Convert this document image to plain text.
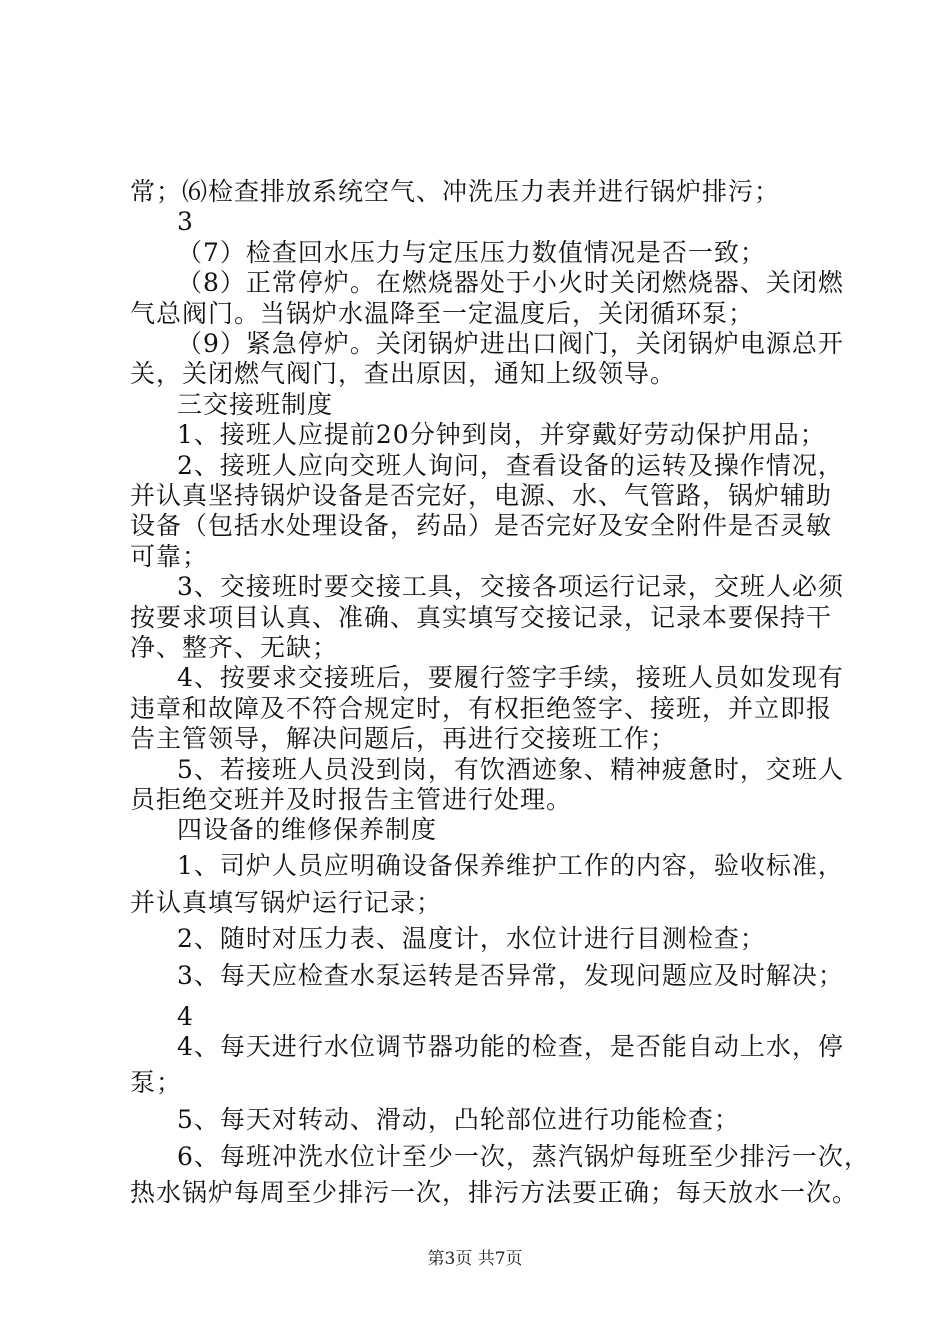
常；⑹检查排放系统空气、冲洗压力表并进行锅炉排污；
3
（7）检查回水压力与定压压力数值情况是否一致；
（8）正常停炉。在燃烧器处于小火时关闭燃烧器、关闭燃
气总阀门。当锅炉水温降至一定温度后，关闭循环泵；
（9）紧急停炉。关闭锅炉进出口阀门，关闭锅炉电源总开
关，关闭燃气阀门，查出原因，通知上级领导。
三交接班制度
1、接班人应提前20分钟到岗，并穿戴好劳动保护用品；
2、接班人应向交班人询问，查看设备的运转及操作情况，
并认真坚持锅炉设备是否完好，电源、水、气管路，锅炉辅助
设备（包括水处理设备，药品）是否完好及安全附件是否灵敏
可靠；
3、交接班时要交接工具，交接各项运行记录，交班人必须
按要求项目认真、准确、真实填写交接记录，记录本要保持干
净、整齐、无缺；
4、按要求交接班后，要履行签字手续，接班人员如发现有
违章和故障及不符合规定时，有权拒绝签字、接班，并立即报
告主管领导，解决问题后，再进行交接班工作；
5、若接班人员没到岗，有饮酒迹象、精神疲惫时，交班人
员拒绝交班并及时报告主管进行处理。
四设备的维修保养制度
1、司炉人员应明确设备保养维护工作的内容，验收标准，
并认真填写锅炉运行记录；
2、随时对压力表、温度计，水位计进行目测检查；
3、每天应检查水泵运转是否异常，发现问题应及时解决；
4
4、每天进行水位调节器功能的检查，是否能自动上水，停
泵；
5、每天对转动、滑动，凸轮部位进行功能检查；
6、每班冲洗水位计至少一次，蒸汽锅炉每班至少排污一次，
热水锅炉每周至少排污一次，排污方法要正确；每天放水一次。
第3页 共7页
